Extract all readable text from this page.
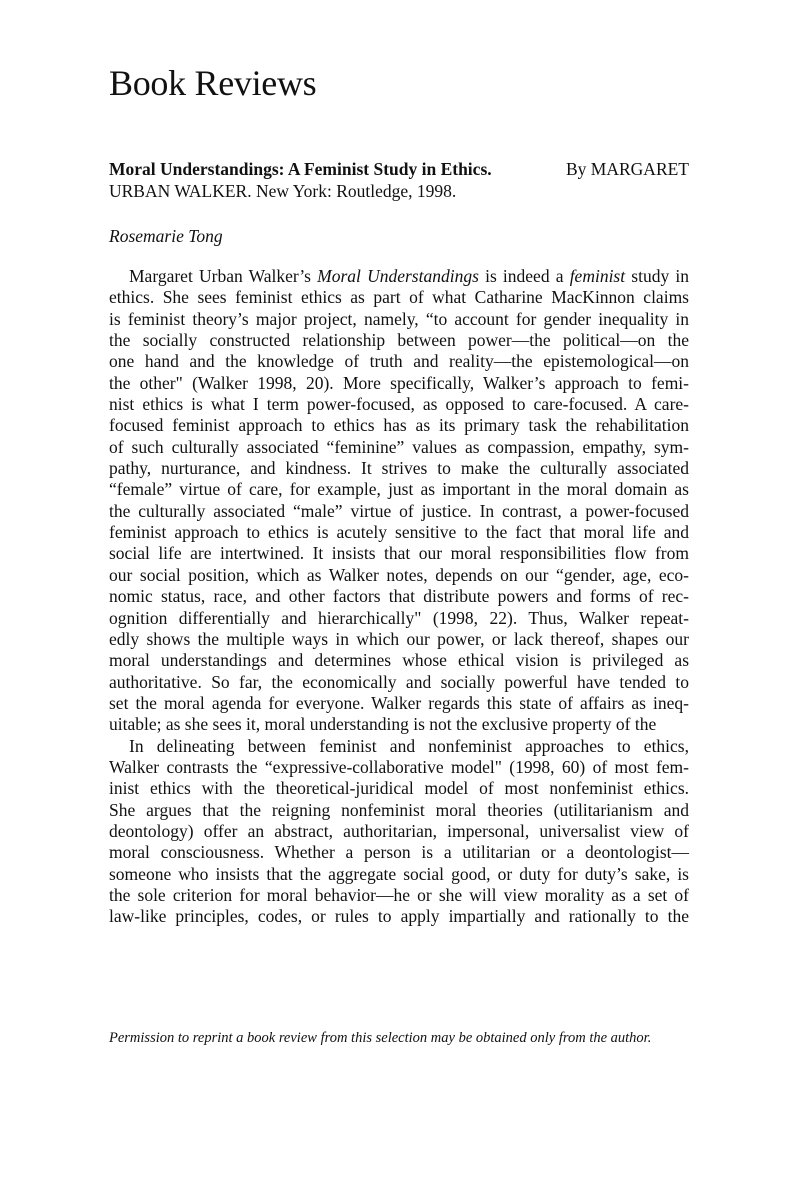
Book Reviews
Moral Understandings: A Feminist Study in Ethics.	By MARGARET
URBAN WALKER. New York: Routledge, 1998.
Rosemarie Tong
Margaret Urban Walker’s Moral Understandings is indeed a feminist study in
ethics. She sees feminist ethics as part of what Catharine MacKinnon claims
is feminist theory’s major project, namely, “to account for gender inequality in
the socially constructed relationship between power—the political—on the
one hand and the knowledge of truth and reality—the epistemological—on
the other" (Walker 1998, 20). More specifically, Walker’s approach to femi-
nist ethics is what I term power-focused, as opposed to care-focused. A care-
focused feminist approach to ethics has as its primary task the rehabilitation
of such culturally associated “feminine” values as compassion, empathy, sym-
pathy, nurturance, and kindness. It strives to make the culturally associated
“female” virtue of care, for example, just as important in the moral domain as
the culturally associated “male” virtue of justice. In contrast, a power-focused
feminist approach to ethics is acutely sensitive to the fact that moral life and
social life are intertwined. It insists that our moral responsibilities flow from
our social position, which as Walker notes, depends on our “gender, age, eco-
nomic status, race, and other factors that distribute powers and forms of rec-
ognition differentially and hierarchically" (1998, 22). Thus, Walker repeat-
edly shows the multiple ways in which our power, or lack thereof, shapes our
moral understandings and determines whose ethical vision is privileged as
authoritative. So far, the economically and socially powerful have tended to
set the moral agenda for everyone. Walker regards this state of affairs as ineq-
uitable; as she sees it, moral understanding is not the exclusive property of the
In delineating between feminist and nonfeminist approaches to ethics,
Walker contrasts the “expressive-collaborative model" (1998, 60) of most fem-
inist ethics with the theoretical-juridical model of most nonfeminist ethics.
She argues that the reigning nonfeminist moral theories (utilitarianism and
deontology) offer an abstract, authoritarian, impersonal, universalist view of
moral consciousness. Whether a person is a utilitarian or a deontologist—
someone who insists that the aggregate social good, or duty for duty’s sake, is
the sole criterion for moral behavior—he or she will view morality as a set of
law-like principles, codes, or rules to apply impartially and rationally to the
Permission to reprint a book review from this selection may be obtained only from the author.
